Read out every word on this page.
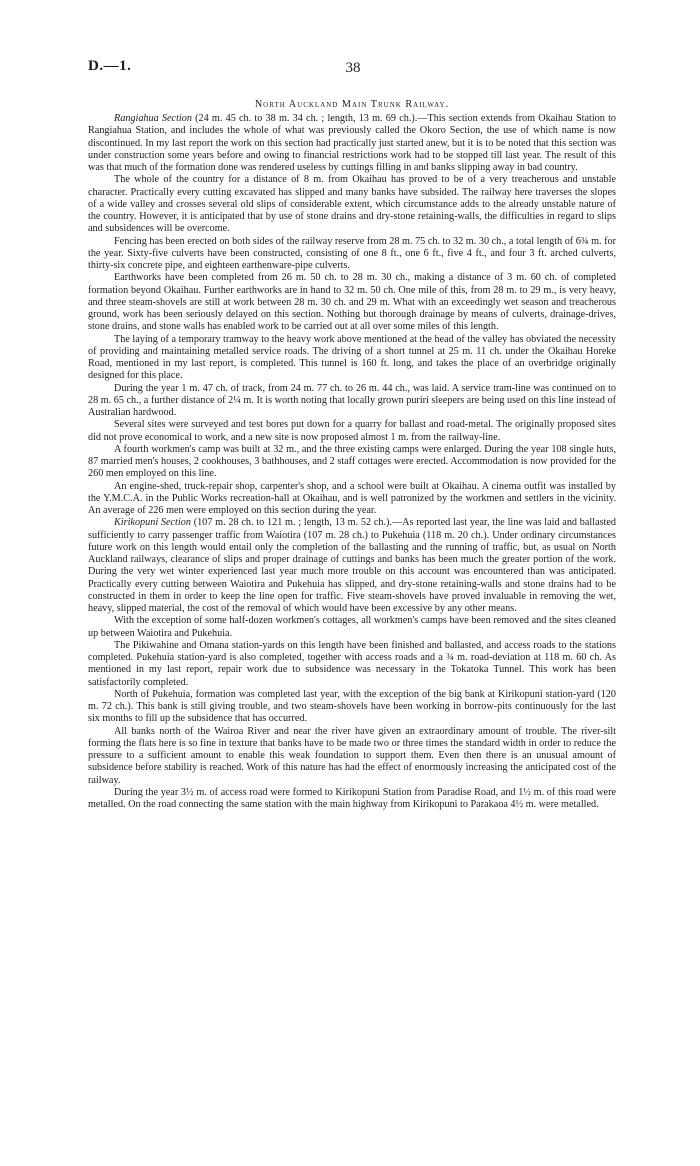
D.—1.	38
North Auckland Main Trunk Railway.

Rangiahua Section (24 m. 45 ch. to 38 m. 34 ch. ; length, 13 m. 69 ch.).—This section extends from Okaihau Station to Rangiahua Station, and includes the whole of what was previously called the Okoro Section, the use of which name is now discontinued. In my last report the work on this section had practically just started anew, but it is to be noted that this section was under construction some years before and owing to financial restrictions work had to be stopped till last year. The result of this was that much of the formation done was rendered useless by cuttings filling in and banks slipping away in bad country.

The whole of the country for a distance of 8 m. from Okaihau has proved to be of a very treacherous and unstable character. Practically every cutting excavated has slipped and many banks have subsided. The railway here traverses the slopes of a wide valley and crosses several old slips of considerable extent, which circumstance adds to the already unstable nature of the country. However, it is anticipated that by use of stone drains and dry-stone retaining-walls, the difficulties in regard to slips and subsidences will be overcome.

Fencing has been erected on both sides of the railway reserve from 28 m. 75 ch. to 32 m. 30 ch., a total length of 6¾ m. for the year. Sixty-five culverts have been constructed, consisting of one 8 ft., one 6 ft., five 4 ft., and four 3 ft. arched culverts, thirty-six concrete pipe, and eighteen earthenware-pipe culverts.

Earthworks have been completed from 26 m. 50 ch. to 28 m. 30 ch., making a distance of 3 m. 60 ch. of completed formation beyond Okaihau. Further earthworks are in hand to 32 m. 50 ch. One mile of this, from 28 m. to 29 m., is very heavy, and three steam-shovels are still at work between 28 m. 30 ch. and 29 m. What with an exceedingly wet season and treacherous ground, work has been seriously delayed on this section. Nothing but thorough drainage by means of culverts, drainage-drives, stone drains, and stone walls has enabled work to be carried out at all over some miles of this length.

The laying of a temporary tramway to the heavy work above mentioned at the head of the valley has obviated the necessity of providing and maintaining metalled service roads. The driving of a short tunnel at 25 m. 11 ch. under the Okaihau Horeke Road, mentioned in my last report, is completed. This tunnel is 160 ft. long, and takes the place of an overbridge originally designed for this place.

During the year 1 m. 47 ch. of track, from 24 m. 77 ch. to 26 m. 44 ch., was laid. A service tram-line was continued on to 28 m. 65 ch., a further distance of 2¼ m. It is worth noting that locally grown puriri sleepers are being used on this line instead of Australian hardwood.

Several sites were surveyed and test bores put down for a quarry for ballast and road-metal. The originally proposed sites did not prove economical to work, and a new site is now proposed almost 1 m. from the railway-line.

A fourth workmen's camp was built at 32 m., and the three existing camps were enlarged. During the year 108 single huts, 87 married men's houses, 2 cookhouses, 3 bathhouses, and 2 staff cottages were erected. Accommodation is now provided for the 260 men employed on this line.

An engine-shed, truck-repair shop, carpenter's shop, and a school were built at Okaihau. A cinema outfit was installed by the Y.M.C.A. in the Public Works recreation-hall at Okaihau, and is well patronized by the workmen and settlers in the vicinity. An average of 226 men were employed on this section during the year.

Kirikopuni Section (107 m. 28 ch. to 121 m. ; length, 13 m. 52 ch.).—As reported last year, the line was laid and ballasted sufficiently to carry passenger traffic from Waiotira (107 m. 28 ch.) to Pukehuia (118 m. 20 ch.). Under ordinary circumstances future work on this length would entail only the completion of the ballasting and the running of traffic, but, as usual on North Auckland railways, clearance of slips and proper drainage of cuttings and banks has been much the greater portion of the work. During the very wet winter experienced last year much more trouble on this account was encountered than was anticipated. Practically every cutting between Waiotira and Pukehuia has slipped, and dry-stone retaining-walls and stone drains had to be constructed in them in order to keep the line open for traffic. Five steam-shovels have proved invaluable in removing the wet, heavy, slipped material, the cost of the removal of which would have been excessive by any other means.

With the exception of some half-dozen workmen's cottages, all workmen's camps have been removed and the sites cleaned up between Waiotira and Pukehuia.

The Pikiwahine and Omana station-yards on this length have been finished and ballasted, and access roads to the stations completed. Pukehuia station-yard is also completed, together with access roads and a ¾ m. road-deviation at 118 m. 60 ch. As mentioned in my last report, repair work due to subsidence was necessary in the Tokatoka Tunnel. This work has been satisfactorily completed.

North of Pukehuia, formation was completed last year, with the exception of the big bank at Kirikopuni station-yard (120 m. 72 ch.). This bank is still giving trouble, and two steam-shovels have been working in borrow-pits continuously for the last six months to fill up the subsidence that has occurred.

All banks north of the Wairoa River and near the river have given an extraordinary amount of trouble. The river-silt forming the flats here is so fine in texture that banks have to be made two or three times the standard width in order to reduce the pressure to a sufficient amount to enable this weak foundation to support them. Even then there is an unusual amount of subsidence before stability is reached. Work of this nature has had the effect of enormously increasing the anticipated cost of the railway.

During the year 3½ m. of access road were formed to Kirikopuni Station from Paradise Road, and 1½ m. of this road were metalled. On the road connecting the same station with the main highway from Kirikopuni to Parakaoa 4½ m. were metalled.
